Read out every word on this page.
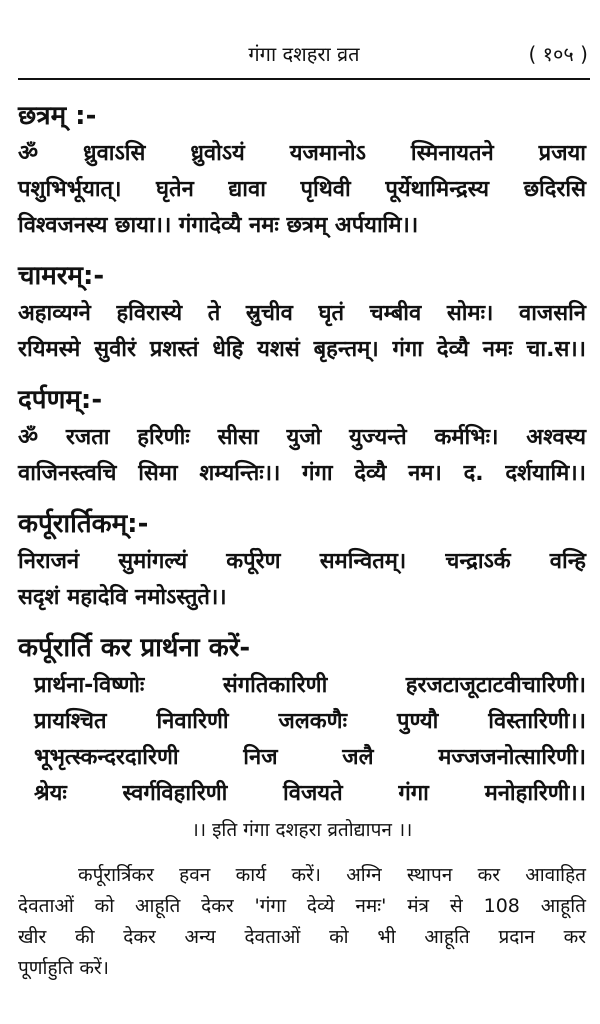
गंगा दशहरा व्रत	( १०५ )

छत्रम् :-

ॐ ध्रुवाऽसि ध्रुवोऽयं यजमानोऽ स्मिनायतने प्रजया

पशुभिर्भूयात्। घृतेन द्यावा पृथिवी पूर्येथामिन्द्रस्य छदिरसि

विश्वजनस्य छाया।। गंगादेव्यै नमः छत्रम् अर्पयामि।।

चामरम्:-

अहाव्यग्ने हविरास्ये ते स्रुचीव घृतं चम्बीव सोमः। वाजसनि

रयिमस्मे सुवीरं प्रशस्तं धेहि यशसं बृहन्तम्। गंगा देव्यै नमः चा.स।।

दर्पणम्:-

ॐ रजता हरिणीः सीसा युजो युज्यन्ते कर्मभिः। अश्वस्य

वाजिनस्त्वचि सिमा शम्यन्तिः।। गंगा देव्यै नम। द. दर्शयामि।।

कर्पूरार्तिकम्:-

निराजनं सुमांगल्यं कर्पूरेण समन्वितम्। चन्द्राऽर्क वन्हि

सदृशं महादेवि नमोऽस्तुते।।

कर्पूरार्ति कर प्रार्थना करें-

प्रार्थना-विष्णोः संगतिकारिणी हरजटाजूटाटवीचारिणी।

प्रायश्चित निवारिणी जलकणैः पुण्यौ विस्तारिणी।।

भूभृत्स्कन्दरदारिणी निज जलै मज्जजनोत्सारिणी।

श्रेयः स्वर्गविहारिणी विजयते गंगा मनोहारिणी।।

।। इति गंगा दशहरा व्रतोद्यापन ।।
कर्पूरार्त्रिकर हवन कार्य करें। अग्नि स्थापन कर आवाहित
देवताओं को आहूति देकर 'गंगा देव्ये नमः' मंत्र से 108 आहूति
खीर की देकर अन्य देवताओं को भी आहूति प्रदान कर
पूर्णाहुति करें।
